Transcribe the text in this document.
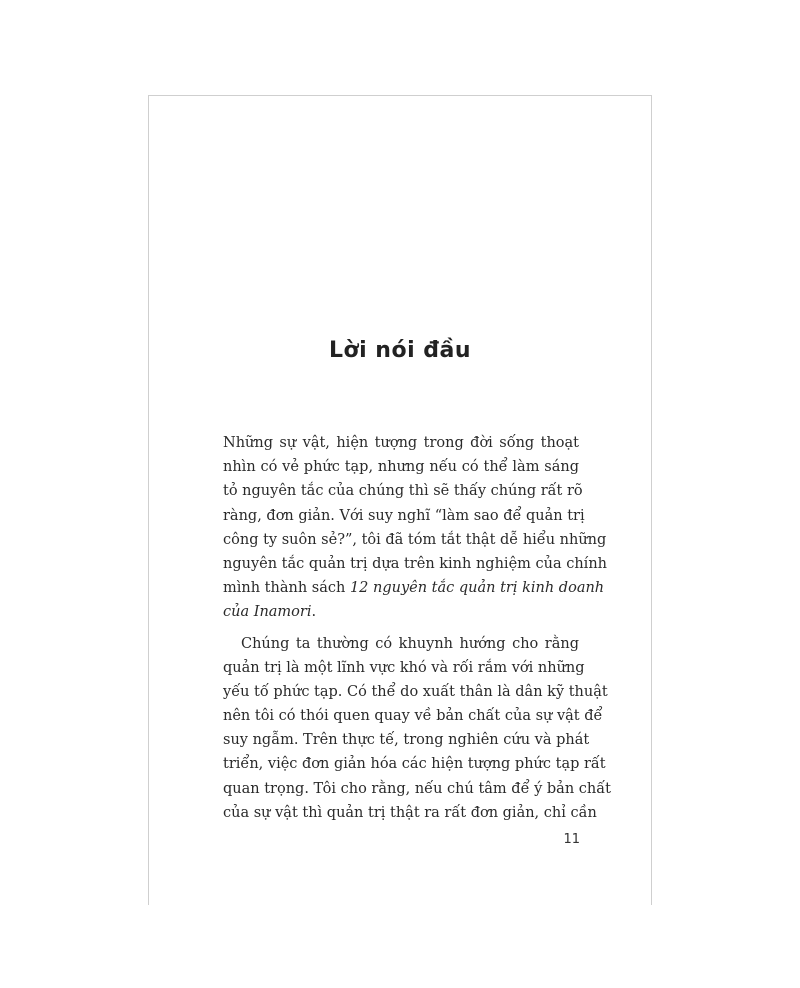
Lời nói đầu
Những sự vật, hiện tượng trong đời sống thoạt
nhìn có vẻ phức tạp, nhưng nếu có thể làm sáng
tỏ nguyên tắc của chúng thì sẽ thấy chúng rất rõ
ràng, đơn giản. Với suy nghĩ “làm sao để quản trị
công ty suôn sẻ?”, tôi đã tóm tắt thật dễ hiểu những
nguyên tắc quản trị dựa trên kinh nghiệm của chính
mình thành sách 12 nguyên tắc quản trị kinh doanh
của Inamori.
Chúng ta thường có khuynh hướng cho rằng
quản trị là một lĩnh vực khó và rối rắm với những
yếu tố phức tạp. Có thể do xuất thân là dân kỹ thuật
nên tôi có thói quen quay về bản chất của sự vật để
suy ngẫm. Trên thực tế, trong nghiên cứu và phát
triển, việc đơn giản hóa các hiện tượng phức tạp rất
quan trọng. Tôi cho rằng, nếu chú tâm để ý bản chất
của sự vật thì quản trị thật ra rất đơn giản, chỉ cần
11
